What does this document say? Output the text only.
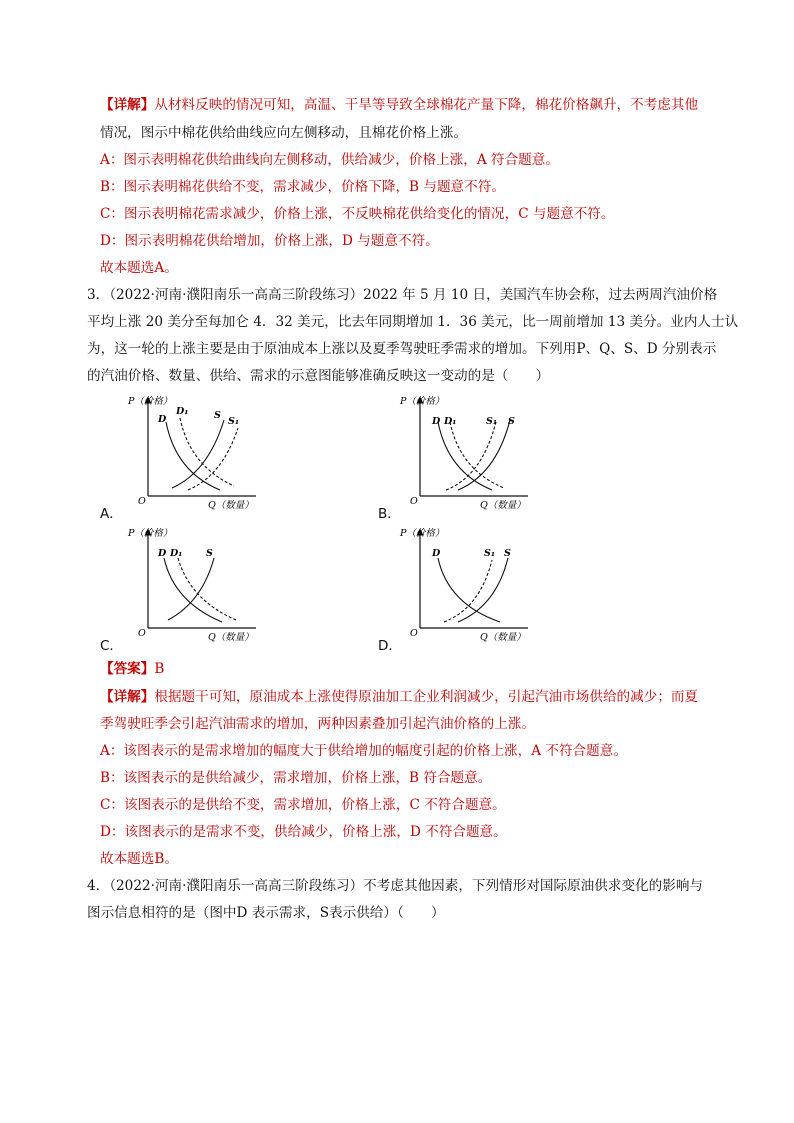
【详解】从材料反映的情况可知，高温、干旱等导致全球棉花产量下降，棉花价格飙升，不考虑其他
情况，图示中棉花供给曲线应向左侧移动，且棉花价格上涨。
A：图示表明棉花供给曲线向左侧移动，供给减少，价格上涨，A 符合题意。
B：图示表明棉花供给不变，需求减少，价格下降，B 与题意不符。
C：图示表明棉花需求减少，价格上涨，不反映棉花供给变化的情况，C 与题意不符。
D：图示表明棉花供给增加，价格上涨，D 与题意不符。
故本题选A。
3．（2022·河南·濮阳南乐一高高三阶段练习）2022 年 5 月 10 日，美国汽车协会称，过去两周汽油价格
平均上涨 20 美分至每加仑 4．32 美元，比去年同期增加 1．36 美元，比一周前增加 13 美分。业内人士认
为，这一轮的上涨主要是由于原油成本上涨以及夏季驾驶旺季需求的增加。下列用P、Q、S、D 分别表示
的汽油价格、数量、供给、需求的示意图能够准确反映这一变动的是（　　）
P（价格）
O	Q（数量）
D
D₁	S
S₁
A．
P（价格）
O	Q（数量）
D D₁	S₁ S
B．
P（价格）
O	Q（数量）
D D₁ S
C．
P（价格）
O	Q（数量）
D	S₁ S
D．
【答案】B
【详解】根据题干可知，原油成本上涨使得原油加工企业利润减少，引起汽油市场供给的减少；而夏
季驾驶旺季会引起汽油需求的增加，两种因素叠加引起汽油价格的上涨。
A：该图表示的是需求增加的幅度大于供给增加的幅度引起的价格上涨，A 不符合题意。
B：该图表示的是供给减少，需求增加，价格上涨，B 符合题意。
C：该图表示的是供给不变，需求增加，价格上涨，C 不符合题意。
D：该图表示的是需求不变，供给减少，价格上涨，D 不符合题意。
故本题选B。
4．（2022·河南·濮阳南乐一高高三阶段练习）不考虑其他因素，下列情形对国际原油供求变化的影响与
图示信息相符的是（图中D 表示需求，S表示供给）（　　）
